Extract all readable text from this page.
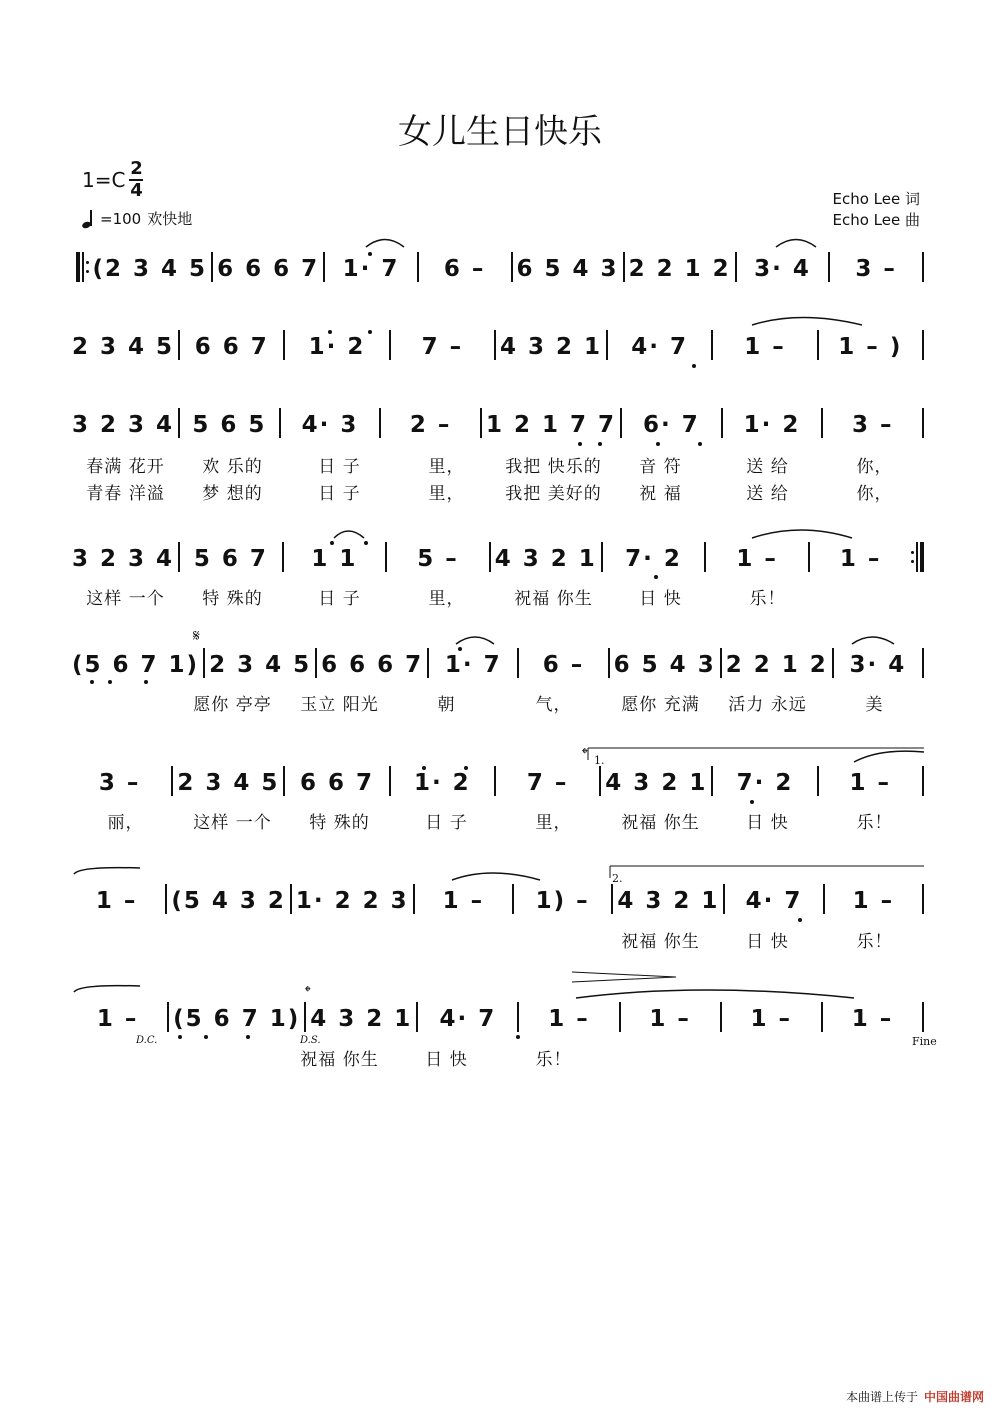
女儿生日快乐
$1=C \frac{2}{4}$
=100 欢快地
Echo Lee 词
Echo Lee 曲
(2 3 4 5 6 6 6 7	1· 7	6 –	6 5 4 3 2 2 1 2	3· 4	3 –
2 3 4 5 6 6 7	1· 2	7 –	4 3 2 1	4· 7	1 –	1 – )
3 2 3 4 5 6 5	4· 3	2 –	1 2 1 7 7	6· 7	1· 2	3 –
3 2 3 4 5 6 7	1 1	5 –	4 3 2 1	7· 2	1 –	1 –
(5 6 7 1) 2 3 4 5 6 6 6 7 1· 7	6 –	6 5 4 3 2 2 1 2 3· 4
3 –	2 3 4 5 6 6 7	1· 2	7 –	4 3 2 1	7· 2	1 –
1 –	(5 4 3 2 1· 2 2 3	1 –	1) –	4 3 2 1	4· 7	1 –
1 –	(5 6 7 1) 4 3 2 1	4· 7	1 –	1 –	1 –	1 –
春满 花开	欢 乐的	日 子	里，	我把 快乐的	音 符	送 给	你，
青春 洋溢	梦 想的	日 子	里，	我把 美好的	祝 福	送 给	你，
这样 一个	特 殊的	日 子	里，	祝福 你生	日 快	乐！
愿你 亭亭	玉立 阳光	朝	气，	愿你 充满	活力 永远	美
丽，	这样 一个	特 殊的	日 子	里，	祝福 你生	日 快	乐！
祝福 你生	日 快	乐！
祝福 你生	日 快	乐！
𝄋
𝄌 1.
2.
𝄌
D.C.	D.S.	Fine
本曲谱上传于 中国曲谱网
